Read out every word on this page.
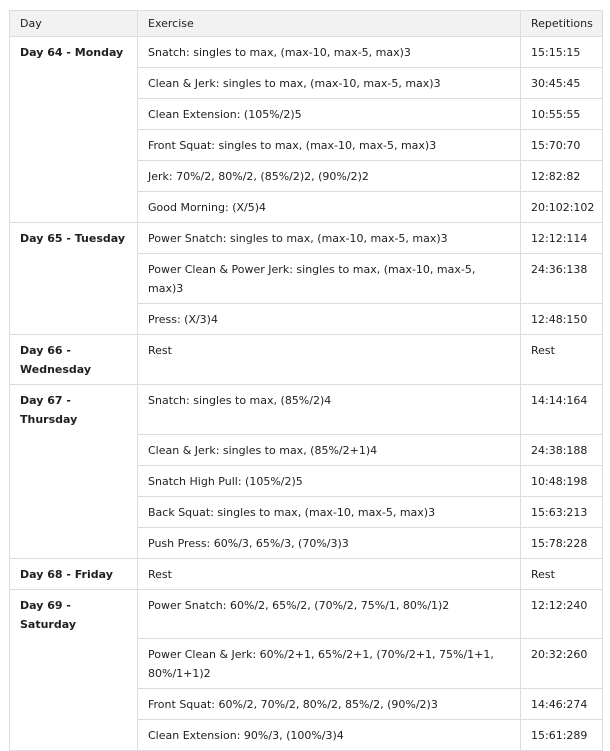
Day	Exercise	Repetitions
Day 64 - Monday	Snatch: singles to max, (max-10, max-5, max)3	15:15:15
	Clean & Jerk: singles to max, (max-10, max-5, max)3	30:45:45
	Clean Extension: (105%/2)5	10:55:55
	Front Squat: singles to max, (max-10, max-5, max)3	15:70:70
	Jerk: 70%/2, 80%/2, (85%/2)2, (90%/2)2	12:82:82
	Good Morning: (X/5)4	20:102:102
Day 65 - Tuesday	Power Snatch: singles to max, (max-10, max-5, max)3	12:12:114
	Power Clean & Power Jerk: singles to max, (max-10, max-5, max)3	24:36:138
	Press: (X/3)4	12:48:150
Day 66 - Wednesday	Rest	Rest
Day 67 - Thursday	Snatch: singles to max, (85%/2)4	14:14:164
	Clean & Jerk: singles to max, (85%/2+1)4	24:38:188
	Snatch High Pull: (105%/2)5	10:48:198
	Back Squat: singles to max, (max-10, max-5, max)3	15:63:213
	Push Press: 60%/3, 65%/3, (70%/3)3	15:78:228
Day 68 - Friday	Rest	Rest
Day 69 - Saturday	Power Snatch: 60%/2, 65%/2, (70%/2, 75%/1, 80%/1)2	12:12:240
	Power Clean & Jerk: 60%/2+1, 65%/2+1, (70%/2+1, 75%/1+1, 80%/1+1)2	20:32:260
	Front Squat: 60%/2, 70%/2, 80%/2, 85%/2, (90%/2)3	14:46:274
	Clean Extension: 90%/3, (100%/3)4	15:61:289
